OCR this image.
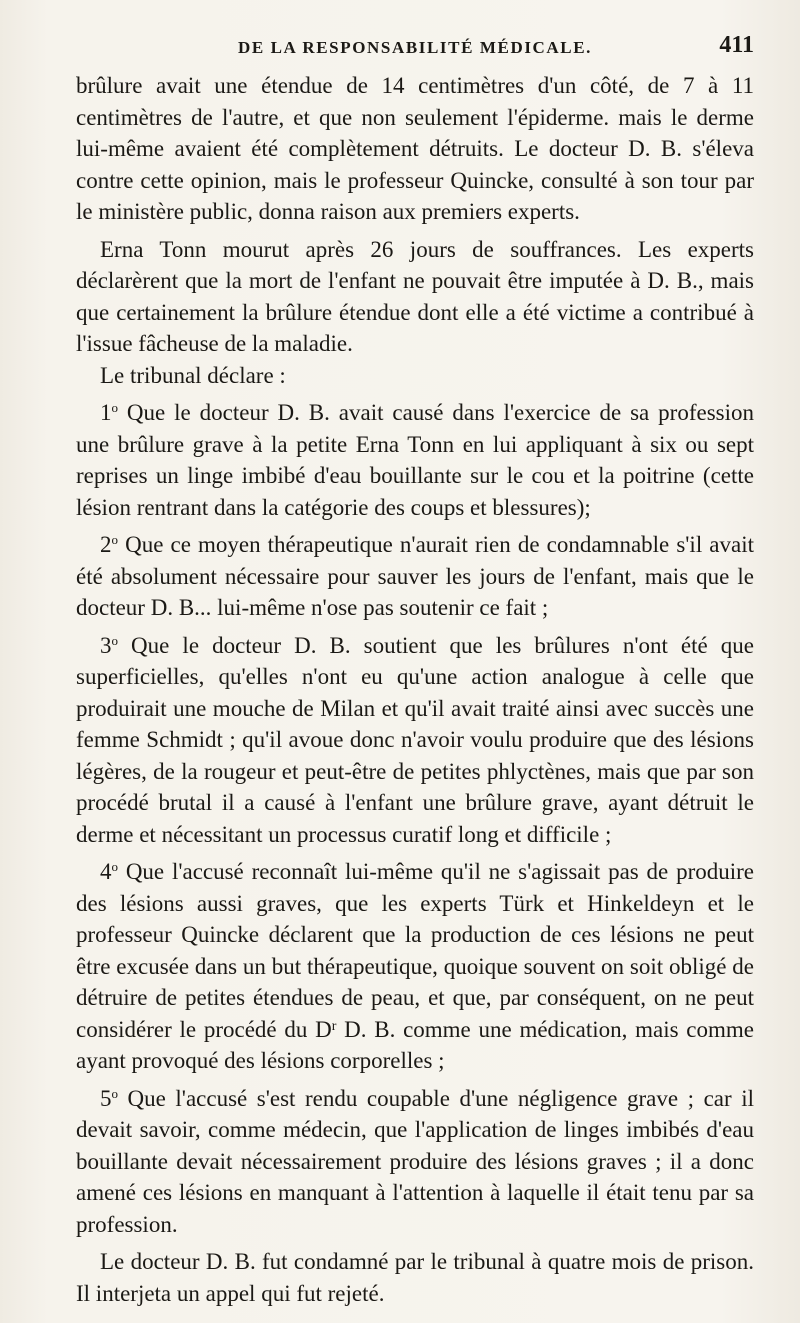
DE LA RESPONSABILITÉ MÉDICALE.	411

brûlure avait une étendue de 14 centimètres d'un côté, de 7 à 11 centimètres de l'autre, et que non seulement l'épiderme. mais le derme lui-même avaient été complètement détruits. Le docteur D. B. s'éleva contre cette opinion, mais le professeur Quincke, consulté à son tour par le ministère public, donna raison aux premiers experts.

Erna Tonn mourut après 26 jours de souffrances. Les experts déclarèrent que la mort de l'enfant ne pouvait être imputée à D. B., mais que certainement la brûlure étendue dont elle a été victime a contribué à l'issue fâcheuse de la maladie.

Le tribunal déclare :

1$^o$ Que le docteur D. B. avait causé dans l'exercice de sa profession une brûlure grave à la petite Erna Tonn en lui appliquant à six ou sept reprises un linge imbibé d'eau bouillante sur le cou et la poitrine (cette lésion rentrant dans la catégorie des coups et blessures);

2$^o$ Que ce moyen thérapeutique n'aurait rien de condamnable s'il avait été absolument nécessaire pour sauver les jours de l'enfant, mais que le docteur D. B... lui-même n'ose pas soutenir ce fait ;

3$^o$ Que le docteur D. B. soutient que les brûlures n'ont été que superficielles, qu'elles n'ont eu qu'une action analogue à celle que produirait une mouche de Milan et qu'il avait traité ainsi avec succès une femme Schmidt ; qu'il avoue donc n'avoir voulu produire que des lésions légères, de la rougeur et peut-être de petites phlyctènes, mais que par son procédé brutal il a causé à l'enfant une brûlure grave, ayant détruit le derme et nécessitant un processus curatif long et difficile ;

4$^o$ Que l'accusé reconnaît lui-même qu'il ne s'agissait pas de produire des lésions aussi graves, que les experts Türk et Hinkeldeyn et le professeur Quincke déclarent que la production de ces lésions ne peut être excusée dans un but thérapeutique, quoique souvent on soit obligé de détruire de petites étendues de peau, et que, par conséquent, on ne peut considérer le procédé du $D^r$ D. B. comme une médication, mais comme ayant provoqué des lésions corporelles ;

5$^o$ Que l'accusé s'est rendu coupable d'une négligence grave ; car il devait savoir, comme médecin, que l'application de linges imbibés d'eau bouillante devait nécessairement produire des lésions graves ; il a donc amené ces lésions en manquant à l'attention à laquelle il était tenu par sa profession.

Le docteur D. B. fut condamné par le tribunal à quatre mois de prison. Il interjeta un appel qui fut rejeté.
